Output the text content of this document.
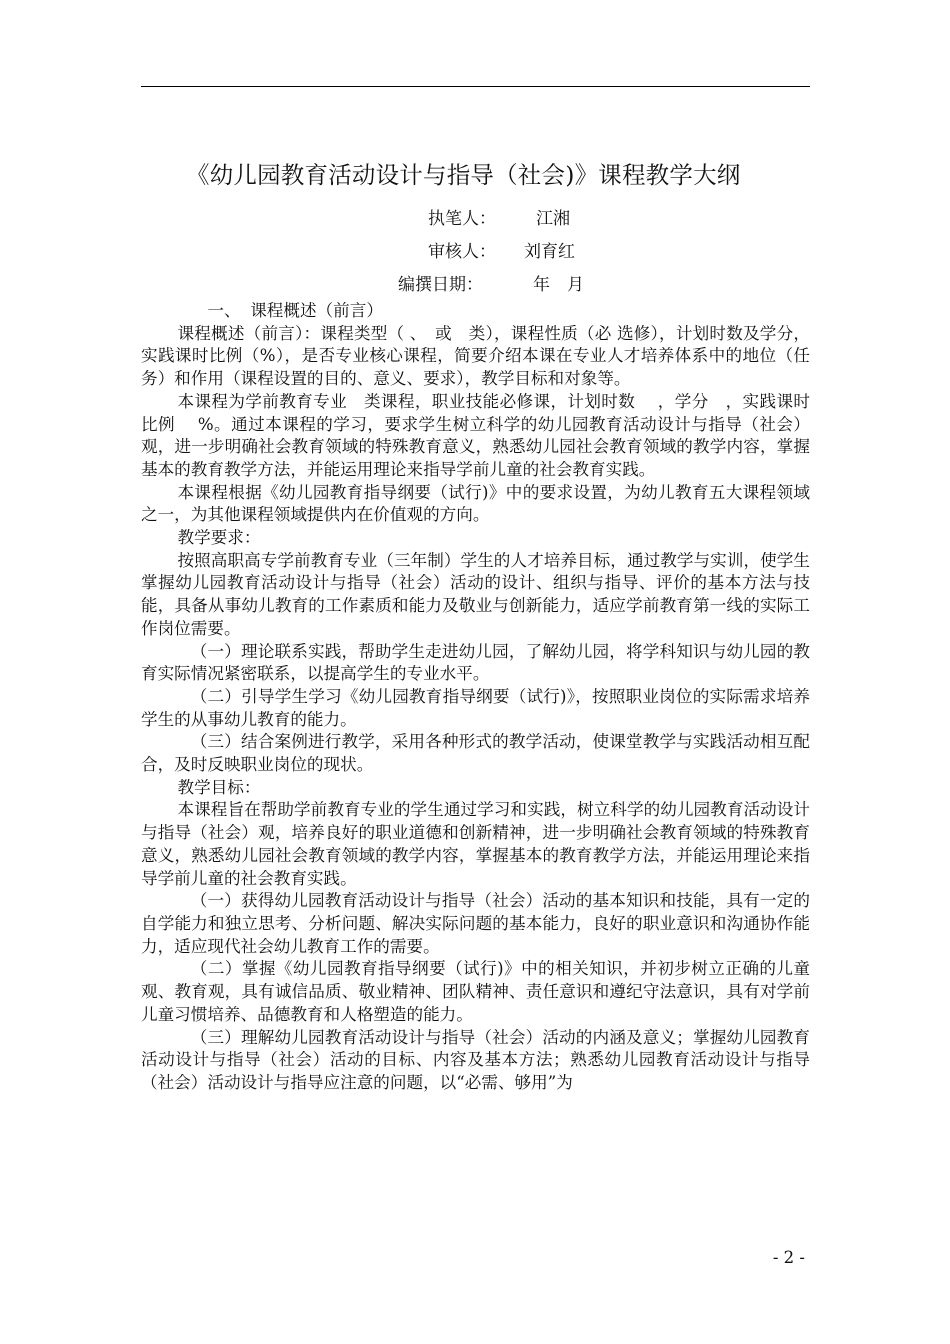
《幼儿园教育活动设计与指导（社会)》课程教学大纲
执笔人： 江湘
审核人： 刘育红
编撰日期：	年　月

一、 课程概述（前言）

课程概述（前言）：课程类型（ 、　或　类），课程性质（必 选修），计划时数及学分，实践课时比例（%），是否专业核心课程，简要介绍本课在专业人才培养体系中的地位（任务）和作用（课程设置的目的、意义、要求），教学目标和对象等。

本课程为学前教育专业　类课程，职业技能必修课，计划时数　 ，学分　，实践课时比例　 %。通过本课程的学习，要求学生树立科学的幼儿园教育活动设计与指导（社会）观，进一步明确社会教育领域的特殊教育意义，熟悉幼儿园社会教育领域的教学内容，掌握基本的教育教学方法，并能运用理论来指导学前儿童的社会教育实践。

本课程根据《幼儿园教育指导纲要（试行)》中的要求设置，为幼儿教育五大课程领域之一，为其他课程领域提供内在价值观的方向。

教学要求：

按照高职高专学前教育专业（三年制）学生的人才培养目标，通过教学与实训，使学生掌握幼儿园教育活动设计与指导（社会）活动的设计、组织与指导、评价的基本方法与技能，具备从事幼儿教育的工作素质和能力及敬业与创新能力，适应学前教育第一线的实际工作岗位需要。

（一）理论联系实践，帮助学生走进幼儿园，了解幼儿园，将学科知识与幼儿园的教育实际情况紧密联系，以提高学生的专业水平。

（二）引导学生学习《幼儿园教育指导纲要（试行)》，按照职业岗位的实际需求培养学生的从事幼儿教育的能力。

（三）结合案例进行教学，采用各种形式的教学活动，使课堂教学与实践活动相互配合，及时反映职业岗位的现状。

教学目标：

本课程旨在帮助学前教育专业的学生通过学习和实践，树立科学的幼儿园教育活动设计与指导（社会）观，培养良好的职业道德和创新精神，进一步明确社会教育领域的特殊教育意义，熟悉幼儿园社会教育领域的教学内容，掌握基本的教育教学方法，并能运用理论来指导学前儿童的社会教育实践。

（一）获得幼儿园教育活动设计与指导（社会）活动的基本知识和技能，具有一定的自学能力和独立思考、分析问题、解决实际问题的基本能力，良好的职业意识和沟通协作能力，适应现代社会幼儿教育工作的需要。

（二）掌握《幼儿园教育指导纲要（试行)》中的相关知识，并初步树立正确的儿童观、教育观，具有诚信品质、敬业精神、团队精神、责任意识和遵纪守法意识，具有对学前儿童习惯培养、品德教育和人格塑造的能力。

（三）理解幼儿园教育活动设计与指导（社会）活动的内涵及意义；掌握幼儿园教育活动设计与指导（社会）活动的目标、内容及基本方法；熟悉幼儿园教育活动设计与指导（社会）活动设计与指导应注意的问题，以“必需、够用”为

- 2 -
